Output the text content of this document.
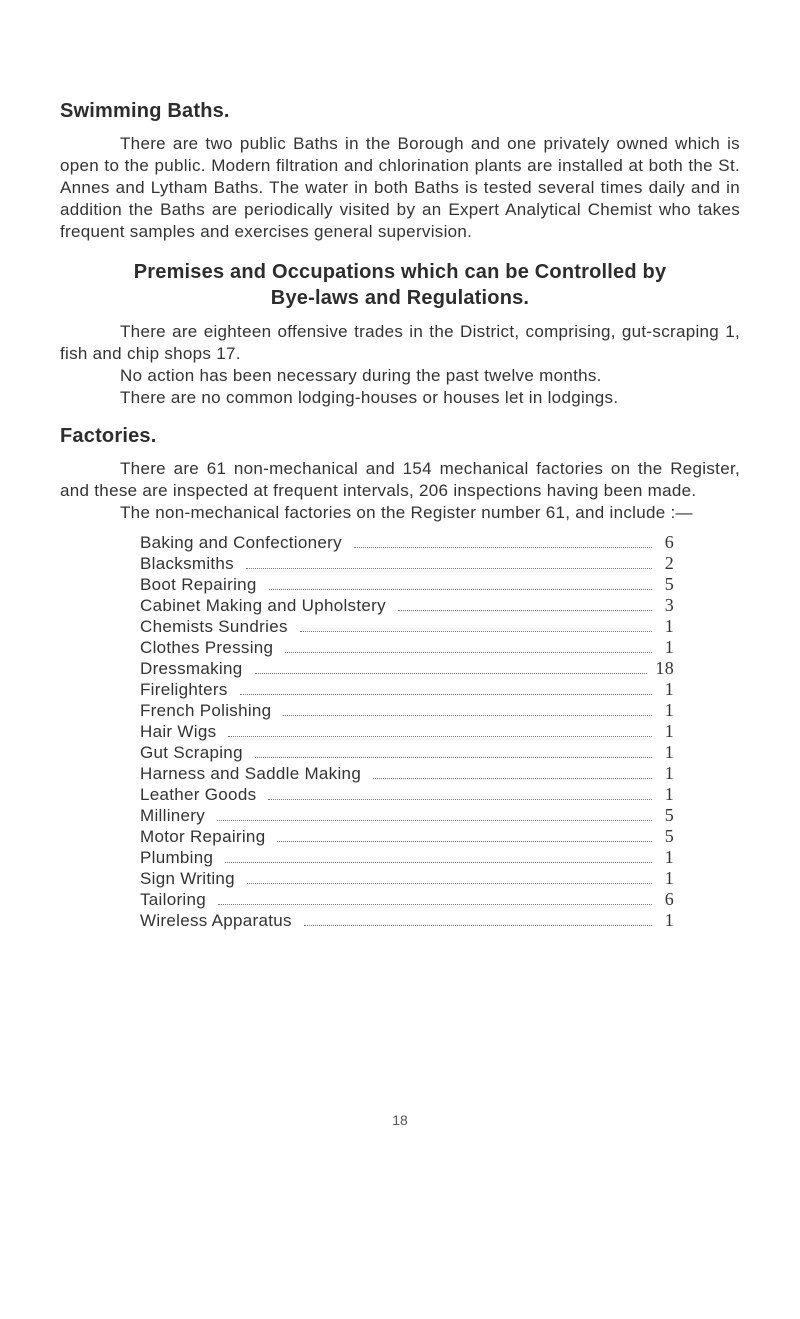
Swimming Baths.

There are two public Baths in the Borough and one privately owned which is open to the public. Modern filtration and chlorination plants are installed at both the St. Annes and Lytham Baths. The water in both Baths is tested several times daily and in addition the Baths are periodically visited by an Expert Analytical Chemist who takes frequent samples and exercises general supervision.

Premises and Occupations which can be Controlled by
Bye-laws and Regulations.

There are eighteen offensive trades in the District, comprising, gut-scraping 1, fish and chip shops 17.

No action has been necessary during the past twelve months.

There are no common lodging-houses or houses let in lodgings.

Factories.

There are 61 non-mechanical and 154 mechanical factories on the Register, and these are inspected at frequent intervals, 206 inspections having been made.

The non-mechanical factories on the Register number 61, and include :—

Baking and Confectionery	6
Blacksmiths	2
Boot Repairing	5
Cabinet Making and Upholstery	3
Chemists Sundries	1
Clothes Pressing	1
Dressmaking	18
Firelighters	1
French Polishing	1
Hair Wigs	1
Gut Scraping	1
Harness and Saddle Making	1
Leather Goods	1
Millinery	5
Motor Repairing	5
Plumbing	1
Sign Writing	1
Tailoring	6
Wireless Apparatus	1
18
